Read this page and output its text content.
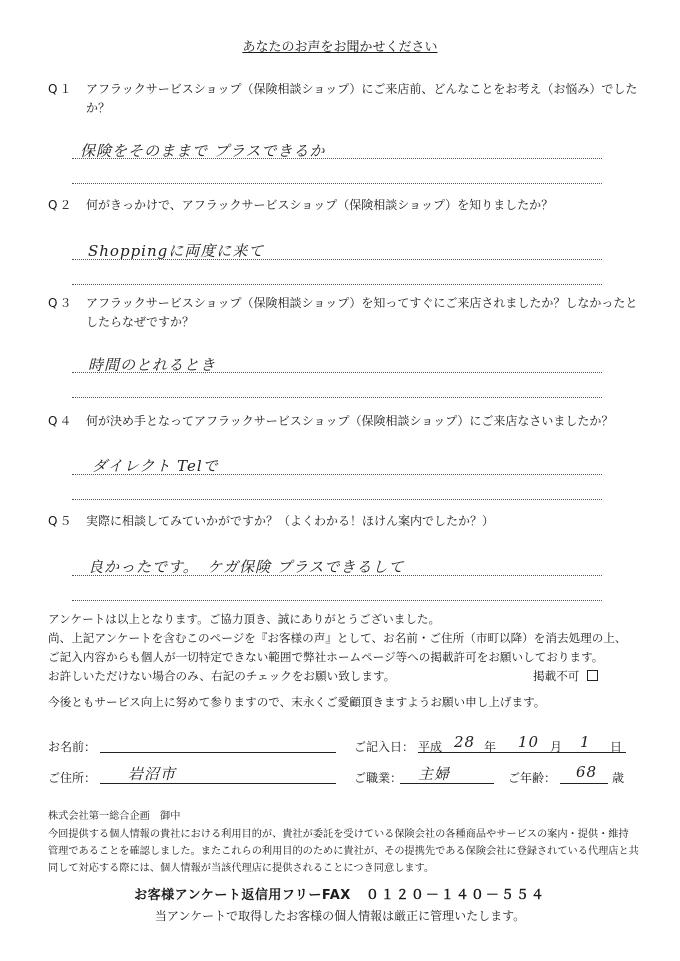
あなたのお声をお聞かせください
Q１ アフラックサービスショップ（保険相談ショップ）にご来店前、どんなことをお考え（お悩み）でしたか？
保険をそのままで プラスできるか
Q２ 何がきっかけで、アフラックサービスショップ（保険相談ショップ）を知りましたか？
Shoppingに両度に来て
Q３ アフラックサービスショップ（保険相談ショップ）を知ってすぐにご来店されましたか？しなかったとしたらなぜですか？
時間のとれるとき
Q４ 何が決め手となってアフラックサービスショップ（保険相談ショップ）にご来店なさいましたか？
ダイレクト Telで
Q５ 実際に相談してみていかがですか？（よくわかる！ほけん案内でしたか？）
良かったです。　ケガ保険 プラスできるして
アンケートは以上となります。ご協力頂き、誠にありがとうございました。
尚、上記アンケートを含むこのページを『お客様の声』として、お名前・ご住所（市町以降）を消去処理の上、
ご記入内容からも個人が一切特定できない範囲で弊社ホームページ等への掲載許可をお願いしております。
お許しいただけない場合のみ、右記のチェックをお願い致します。	掲載不可
今後ともサービス向上に努めて参りますので、末永くご愛顧頂きますようお願い申し上げます。
お名前：	ご記入日： 平成 28 年 10 月 1 日
ご住所： 岩沼市	ご職業： 主婦	ご年齢： 68 歳
株式会社第一総合企画　御中
今回提供する個人情報の貴社における利用目的が、貴社が委託を受けている保険会社の各種商品やサービスの案内・提供・維持
管理であることを確認しました。またこれらの利用目的のために貴社が、その提携先である保険会社に登録されている代理店と共
同して対応する際には、個人情報が当該代理店に提供されることにつき同意します。
お客様アンケート返信用フリーFAX ０１２０－１４０－５５４
当アンケートで取得したお客様の個人情報は厳正に管理いたします。
